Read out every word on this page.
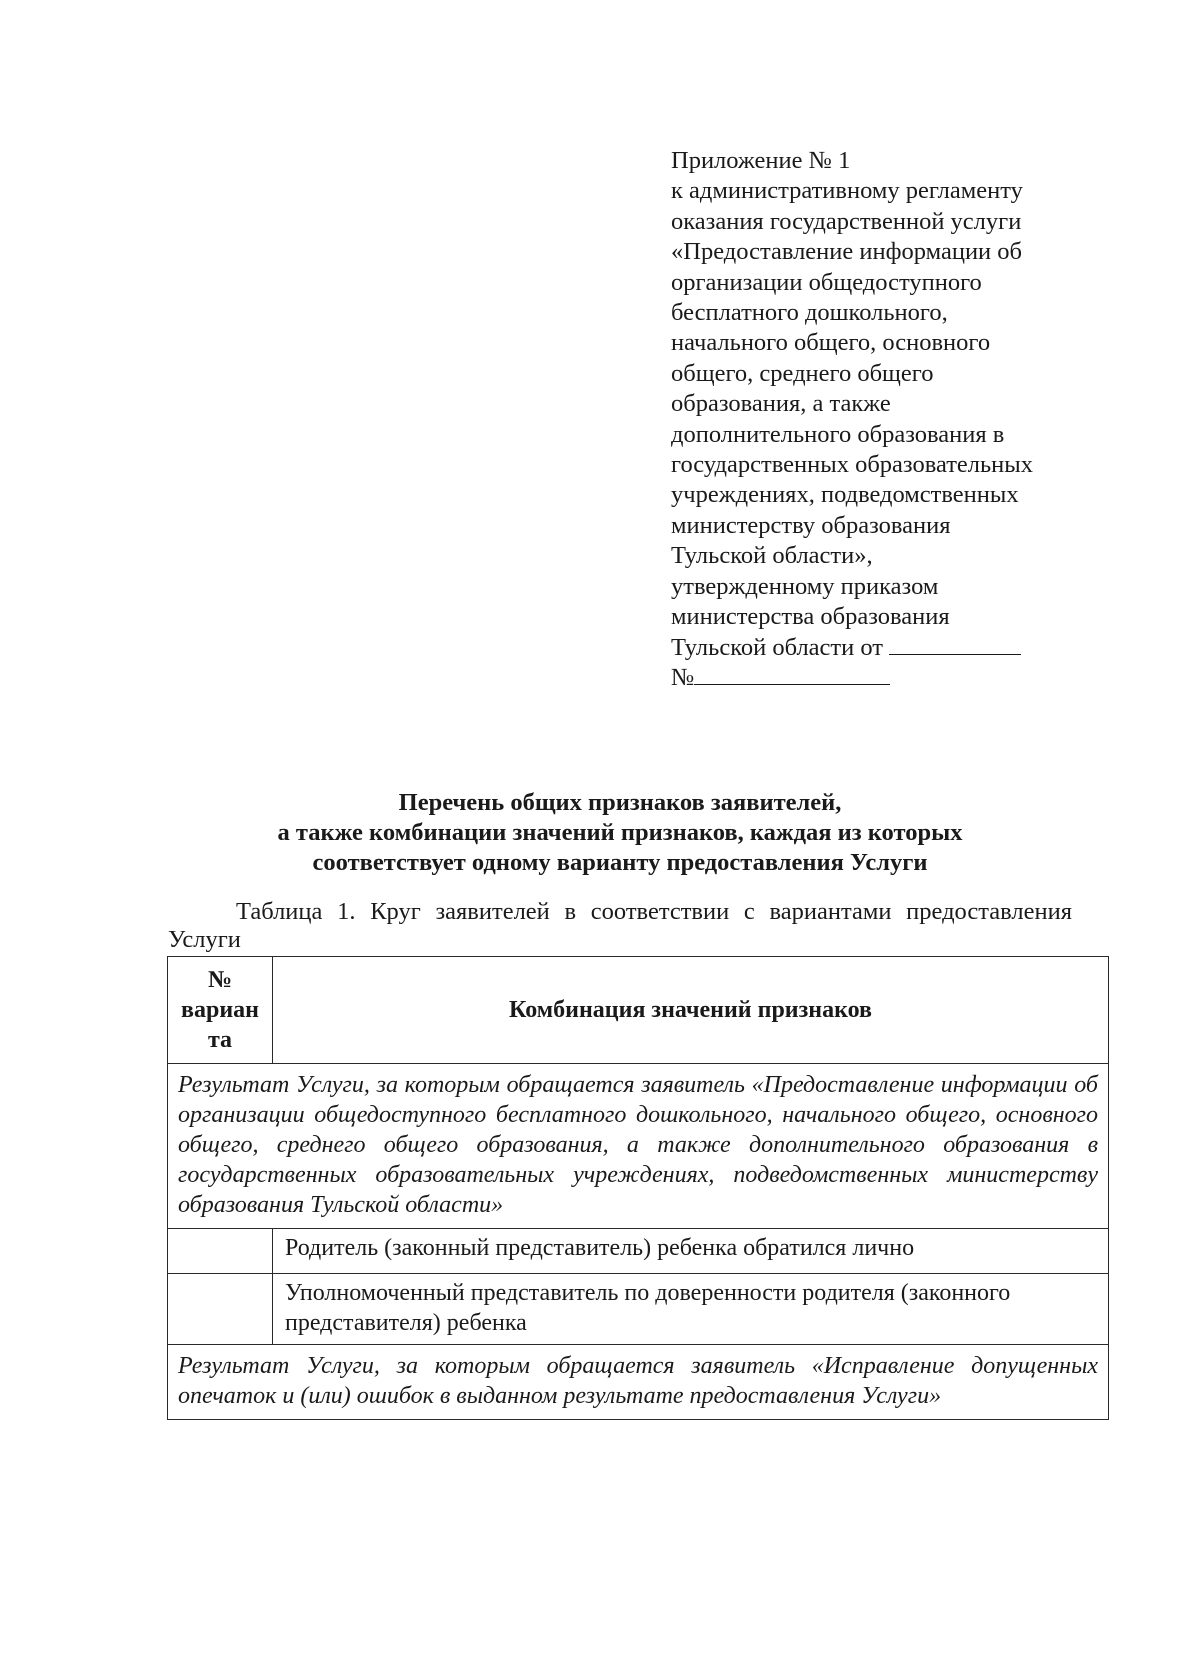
Приложение № 1
к административному регламенту
оказания государственной услуги
«Предоставление информации об
организации общедоступного
бесплатного дошкольного,
начального общего, основного
общего, среднего общего
образования, а также
дополнительного образования в
государственных образовательных
учреждениях, подведомственных
министерству образования
Тульской области»,
утвержденному приказом
министерства образования
Тульской области от
№
Перечень общих признаков заявителей,
а также комбинации значений признаков, каждая из которых
соответствует одному варианту предоставления Услуги
Таблица 1. Круг заявителей в соответствии с вариантами предоставления Услуги
№
вариан
та	Комбинация значений признаков
Результат Услуги, за которым обращается заявитель «Предоставление информации об организации общедоступного бесплатного дошкольного, начального общего, основного общего, среднего общего образования, а также дополнительного образования в государственных образовательных учреждениях, подведомственных министерству образования Тульской области»	
	Родитель (законный представитель) ребенка обратился лично
	Уполномоченный представитель по доверенности родителя (законного представителя) ребенка
Результат Услуги, за которым обращается заявитель «Исправление допущенных опечаток и (или) ошибок в выданном результате предоставления Услуги»	
